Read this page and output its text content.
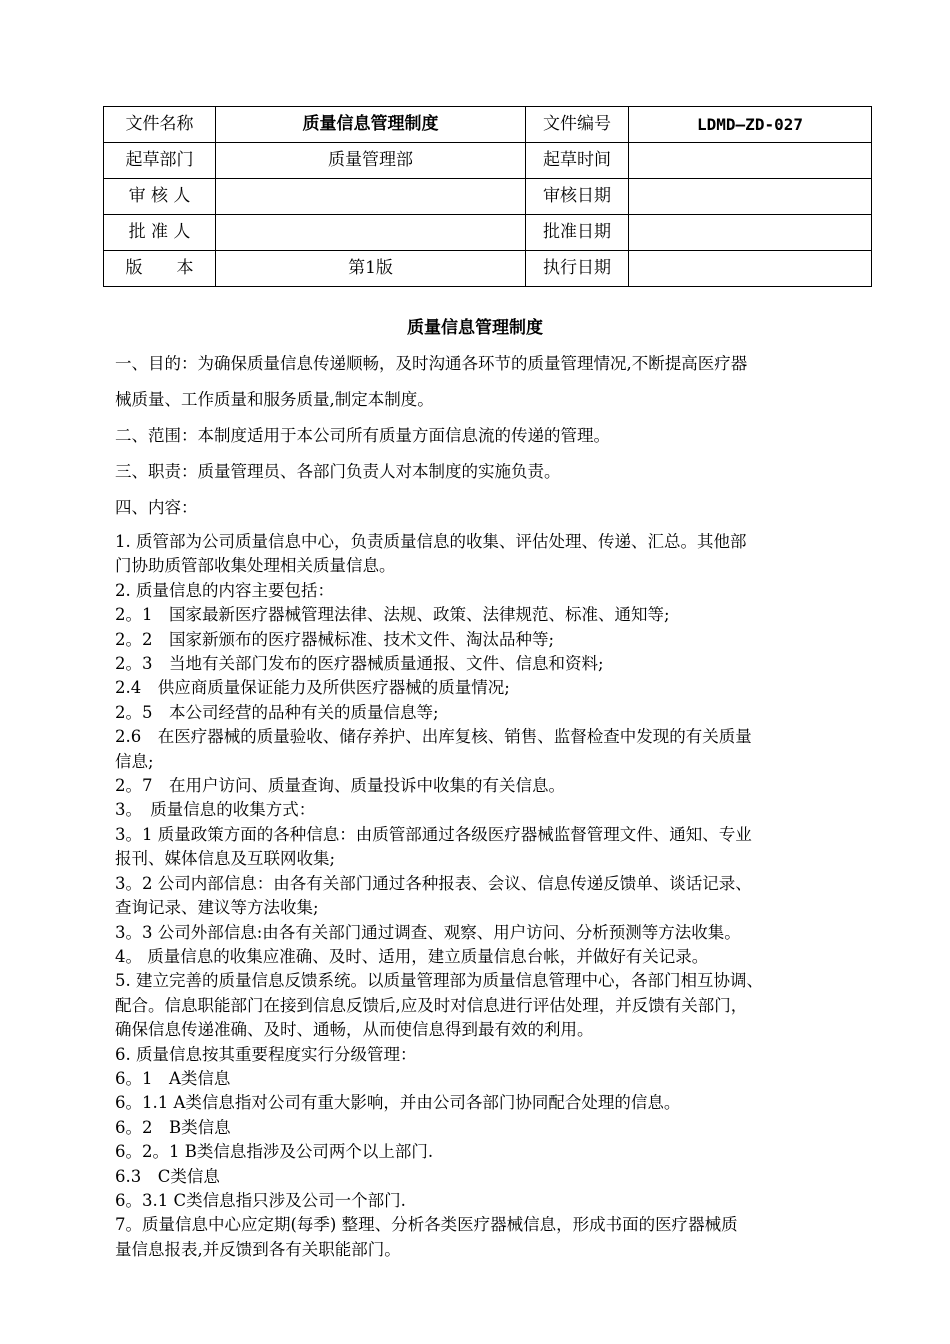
文件名称	质量信息管理制度	文件编号	LDMD—ZD-027
起草部门	质量管理部	起草时间	
审 核 人		审核日期	
批 准 人		批准日期	
版　　本	第1版	执行日期	
质量信息管理制度

一、目的：为确保质量信息传递顺畅，及时沟通各环节的质量管理情况,不断提高医疗器

械质量、工作质量和服务质量,制定本制度。

二、范围：本制度适用于本公司所有质量方面信息流的传递的管理。

三、职责：质量管理员、各部门负责人对本制度的实施负责。

四、内容：

1. 质管部为公司质量信息中心，负责质量信息的收集、评估处理、传递、汇总。其他部

门协助质管部收集处理相关质量信息。

2. 质量信息的内容主要包括：

2。1　国家最新医疗器械管理法律、法规、政策、法律规范、标准、通知等;

2。2　国家新颁布的医疗器械标准、技术文件、淘汰品种等;

2。3　当地有关部门发布的医疗器械质量通报、文件、信息和资料;

2.4　供应商质量保证能力及所供医疗器械的质量情况;

2。5　本公司经营的品种有关的质量信息等;

2.6　在医疗器械的质量验收、储存养护、出库复核、销售、监督检查中发现的有关质量

信息;

2。7　在用户访问、质量查询、质量投诉中收集的有关信息。

3。　质量信息的收集方式：

3。1 质量政策方面的各种信息：由质管部通过各级医疗器械监督管理文件、通知、专业

报刊、媒体信息及互联网收集;

3。2 公司内部信息：由各有关部门通过各种报表、会议、信息传递反馈单、谈话记录、

查询记录、建议等方法收集;

3。3 公司外部信息:由各有关部门通过调查、观察、用户访问、分析预测等方法收集。

4。 质量信息的收集应准确、及时、适用，建立质量信息台帐，并做好有关记录。

5. 建立完善的质量信息反馈系统。以质量管理部为质量信息管理中心，各部门相互协调、

配合。信息职能部门在接到信息反馈后,应及时对信息进行评估处理，并反馈有关部门，

确保信息传递准确、及时、通畅，从而使信息得到最有效的利用。

6. 质量信息按其重要程度实行分级管理：

6。1　A类信息

6。1.1 A类信息指对公司有重大影响，并由公司各部门协同配合处理的信息。

6。2　B类信息

6。2。1 B类信息指涉及公司两个以上部门.

6.3　C类信息

6。3.1 C类信息指只涉及公司一个部门.

7。质量信息中心应定期(每季) 整理、分析各类医疗器械信息，形成书面的医疗器械质

量信息报表,并反馈到各有关职能部门。
